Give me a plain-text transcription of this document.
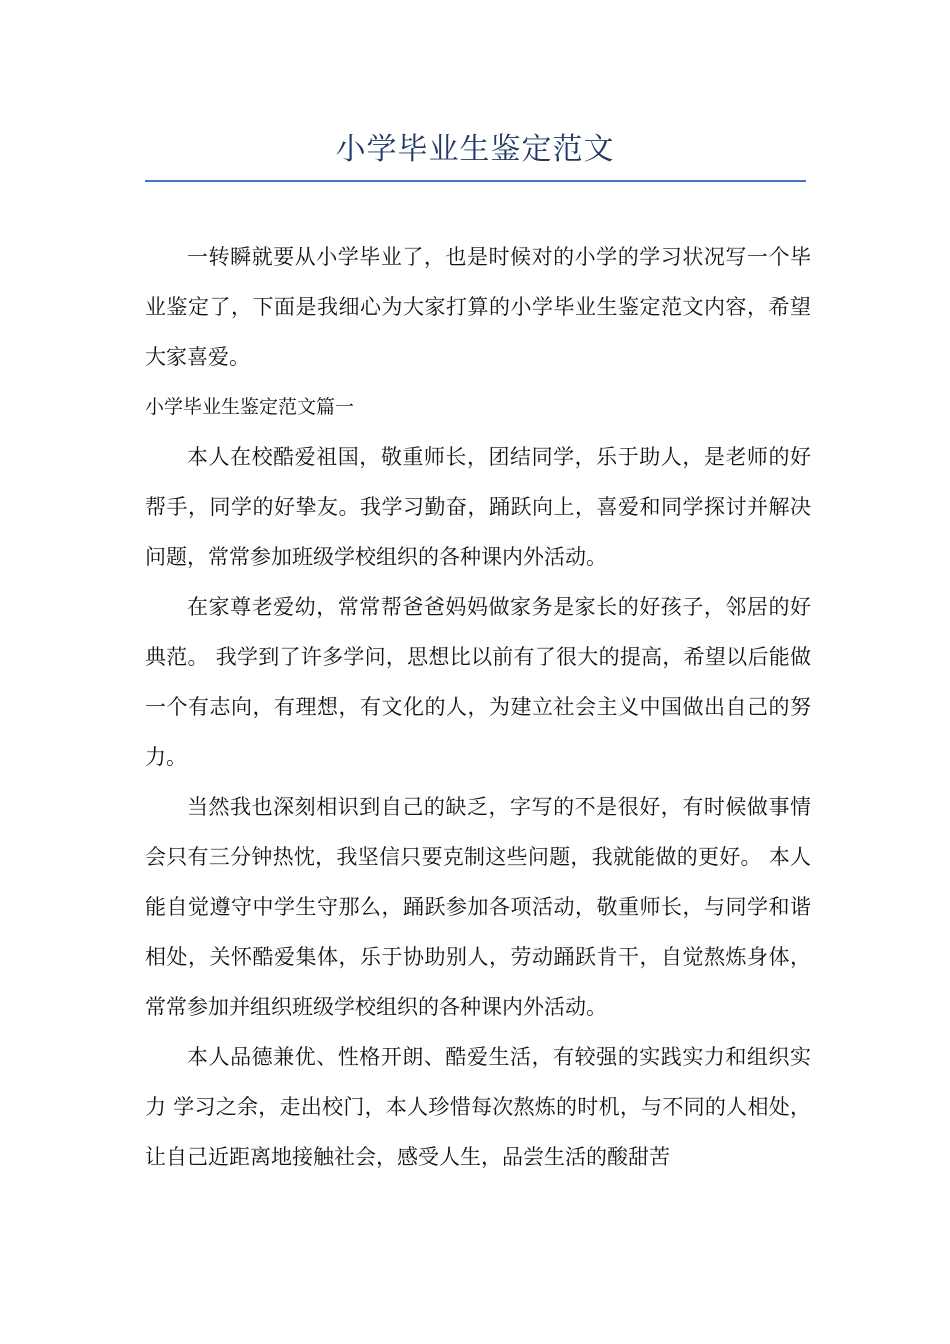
小学毕业生鉴定范文

一转瞬就要从小学毕业了，也是时候对的小学的学习状况写一个毕业鉴定了，下面是我细心为大家打算的小学毕业生鉴定范文内容，希望大家喜爱。

小学毕业生鉴定范文篇一

本人在校酷爱祖国，敬重师长，团结同学，乐于助人，是老师的好帮手，同学的好挚友。我学习勤奋，踊跃向上，喜爱和同学探讨并解决问题，常常参加班级学校组织的各种课内外活动。

在家尊老爱幼，常常帮爸爸妈妈做家务是家长的好孩子，邻居的好典范。 我学到了许多学问，思想比以前有了很大的提高，希望以后能做一个有志向，有理想，有文化的人，为建立社会主义中国做出自己的努力。

当然我也深刻相识到自己的缺乏，字写的不是很好，有时候做事情会只有三分钟热忱，我坚信只要克制这些问题，我就能做的更好。 本人能自觉遵守中学生守那么，踊跃参加各项活动，敬重师长，与同学和谐相处，关怀酷爱集体，乐于协助别人，劳动踊跃肯干，自觉熬炼身体，常常参加并组织班级学校组织的各种课内外活动。

本人品德兼优、性格开朗、酷爱生活，有较强的实践实力和组织实力 学习之余，走出校门，本人珍惜每次熬炼的时机，与不同的人相处，让自己近距离地接触社会，感受人生，品尝生活的酸甜苦
